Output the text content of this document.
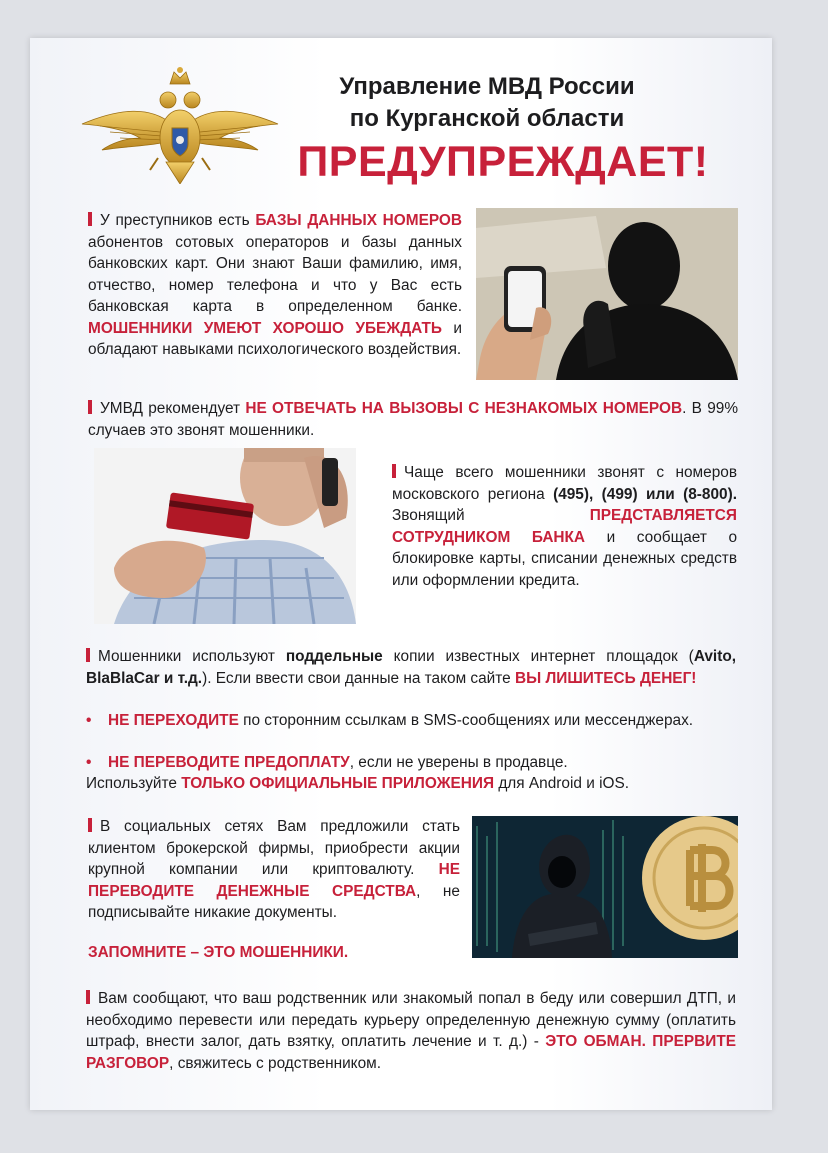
Управление МВД России
по Курганской области
ПРЕДУПРЕЖДАЕТ!
У преступников есть БАЗЫ ДАННЫХ НОМЕРОВ абонентов сотовых операторов и базы данных банковских карт. Они знают Ваши фамилию, имя, отчество, номер телефона и что у Вас есть банковская карта в определенном банке. МОШЕННИКИ УМЕЮТ ХОРОШО УБЕЖДАТЬ и обладают навыками психологического воздействия.
УМВД рекомендует НЕ ОТВЕЧАТЬ НА ВЫЗОВЫ С НЕЗНАКОМЫХ НОМЕРОВ. В 99% случаев это звонят мошенники.
Чаще всего мошенники звонят с номеров московского региона (495), (499) или (8-800). Звонящий ПРЕДСТАВЛЯЕТСЯ СОТРУДНИКОМ БАНКА и сообщает о блокировке карты, списании денежных средств или оформлении кредита.
Мошенники используют поддельные копии известных интернет площадок (Avito, BlaBlaCar и т.д.). Если ввести свои данные на таком сайте ВЫ ЛИШИТЕСЬ ДЕНЕГ!
• НЕ ПЕРЕХОДИТЕ по сторонним ссылкам в SMS-сообщениях или мессенджерах.
• НЕ ПЕРЕВОДИТЕ ПРЕДОПЛАТУ, если не уверены в продавце.
Используйте ТОЛЬКО ОФИЦИАЛЬНЫЕ ПРИЛОЖЕНИЯ для Android и iOS.
В социальных сетях Вам предложили стать клиентом брокерской фирмы, приобрести акции крупной компании или криптовалюту. НЕ ПЕРЕВОДИТЕ ДЕНЕЖНЫЕ СРЕДСТВА, не подписывайте никакие документы.
ЗАПОМНИТЕ – ЭТО МОШЕННИКИ.
Вам сообщают, что ваш родственник или знакомый попал в беду или совершил ДТП, и необходимо перевести или передать курьеру определенную денежную сумму (оплатить штраф, внести залог, дать взятку, оплатить лечение и т. д.) - ЭТО ОБМАН. ПРЕРВИТЕ РАЗГОВОР, свяжитесь с родственником.
